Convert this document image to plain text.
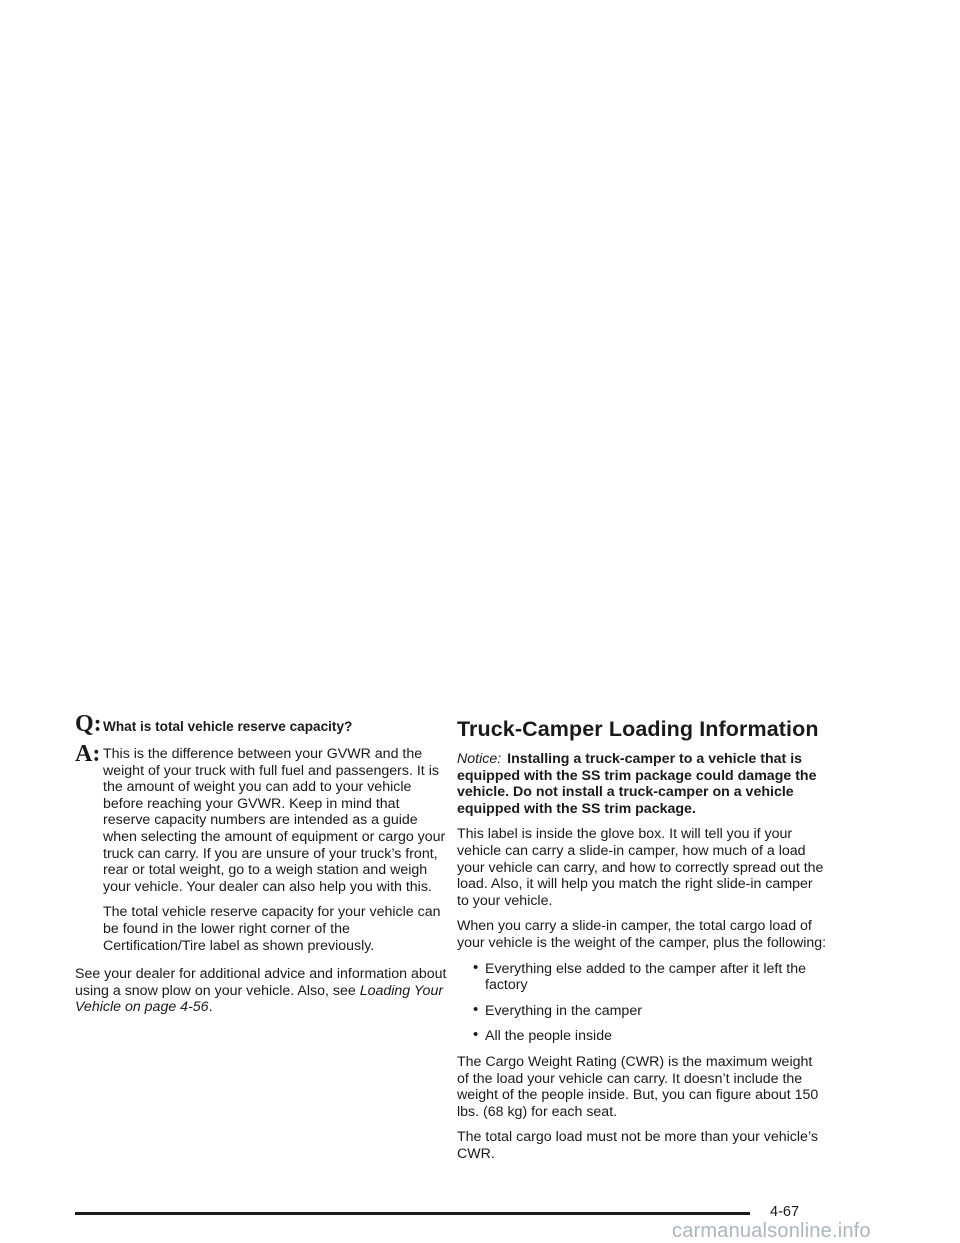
Q: What is total vehicle reserve capacity?
A: This is the difference between your GVWR and the weight of your truck with full fuel and passengers. It is the amount of weight you can add to your vehicle before reaching your GVWR. Keep in mind that reserve capacity numbers are intended as a guide when selecting the amount of equipment or cargo your truck can carry. If you are unsure of your truck’s front, rear or total weight, go to a weigh station and weigh your vehicle. Your dealer can also help you with this.

The total vehicle reserve capacity for your vehicle can be found in the lower right corner of the Certification/Tire label as shown previously.

See your dealer for additional advice and information about using a snow plow on your vehicle. Also, see Loading Your Vehicle on page 4-56.

Truck-Camper Loading Information

Notice: Installing a truck-camper to a vehicle that is equipped with the SS trim package could damage the vehicle. Do not install a truck-camper on a vehicle equipped with the SS trim package.

This label is inside the glove box. It will tell you if your vehicle can carry a slide-in camper, how much of a load your vehicle can carry, and how to correctly spread out the load. Also, it will help you match the right slide-in camper to your vehicle.

When you carry a slide-in camper, the total cargo load of your vehicle is the weight of the camper, plus the following:

• Everything else added to the camper after it left the factory
• Everything in the camper
• All the people inside

The Cargo Weight Rating (CWR) is the maximum weight of the load your vehicle can carry. It doesn’t include the weight of the people inside. But, you can figure about 150 lbs. (68 kg) for each seat.

The total cargo load must not be more than your vehicle’s CWR.

4-67
carmanualsonline.info
